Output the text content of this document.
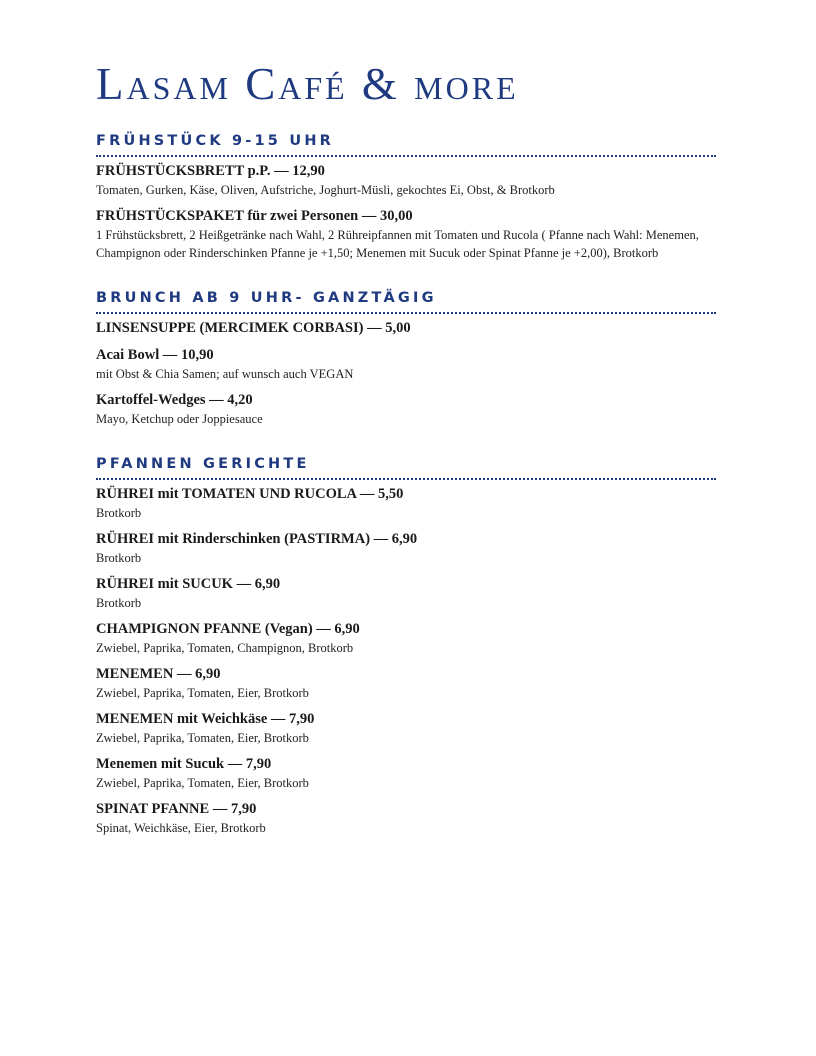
Lasam Café & more
FRÜHSTÜCK 9-15 UHR
FRÜHSTÜCKSBRETT p.P. — 12,90
Tomaten, Gurken, Käse, Oliven, Aufstriche, Joghurt-Müsli, gekochtes Ei, Obst, & Brotkorb
FRÜHSTÜCKSPAKET für zwei Personen — 30,00
1 Frühstücksbrett, 2 Heißgetränke nach Wahl, 2 Rühreipfannen mit Tomaten und Rucola ( Pfanne nach Wahl: Menemen, Champignon oder Rinderschinken Pfanne je +1,50; Menemen mit Sucuk oder Spinat Pfanne je +2,00), Brotkorb
BRUNCH AB 9 UHR- GANZTÄGIG
LINSENSUPPE (MERCIMEK CORBASI) — 5,00
Acai Bowl — 10,90
mit Obst & Chia Samen; auf wunsch auch VEGAN
Kartoffel-Wedges — 4,20
Mayo, Ketchup oder Joppiesauce
PFANNEN GERICHTE
RÜHREI mit TOMATEN UND RUCOLA — 5,50
Brotkorb
RÜHREI mit Rinderschinken (PASTIRMA) — 6,90
Brotkorb
RÜHREI mit SUCUK — 6,90
Brotkorb
CHAMPIGNON PFANNE (Vegan) — 6,90
Zwiebel, Paprika, Tomaten, Champignon, Brotkorb
MENEMEN — 6,90
Zwiebel, Paprika, Tomaten, Eier, Brotkorb
MENEMEN mit Weichkäse — 7,90
Zwiebel, Paprika, Tomaten, Eier, Brotkorb
Menemen mit Sucuk — 7,90
Zwiebel, Paprika, Tomaten, Eier, Brotkorb
SPINAT PFANNE — 7,90
Spinat, Weichkäse, Eier, Brotkorb
